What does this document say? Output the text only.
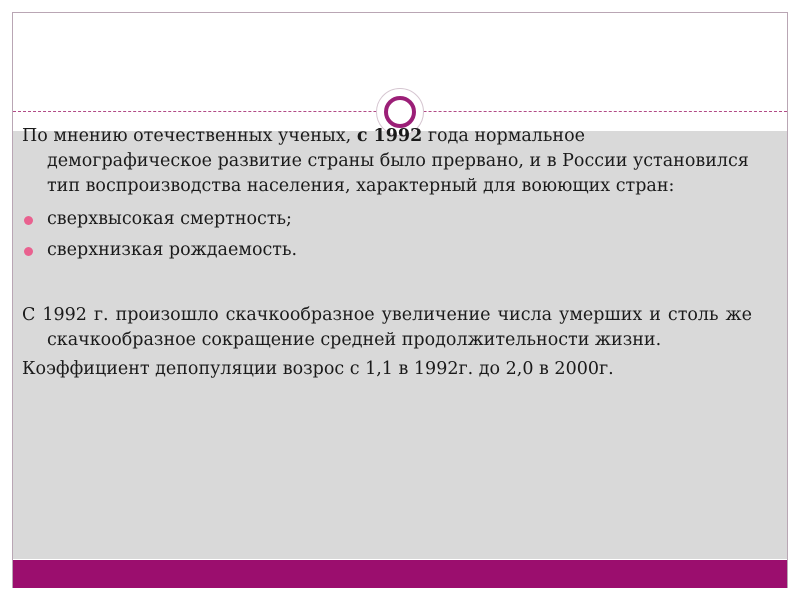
По мнению отечественных ученых, с 1992 года нормальное демографическое развитие страны было прервано, и в России установился тип воспроизводства населения, характерный для воюющих стран:

сверхвысокая смертность;

сверхнизкая рождаемость.

С 1992 г. произошло скачкообразное увеличение числа умерших и столь же скачкообразное сокращение средней продолжительности жизни.

Коэффициент депопуляции возрос с 1,1 в 1992г. до 2,0 в 2000г.
